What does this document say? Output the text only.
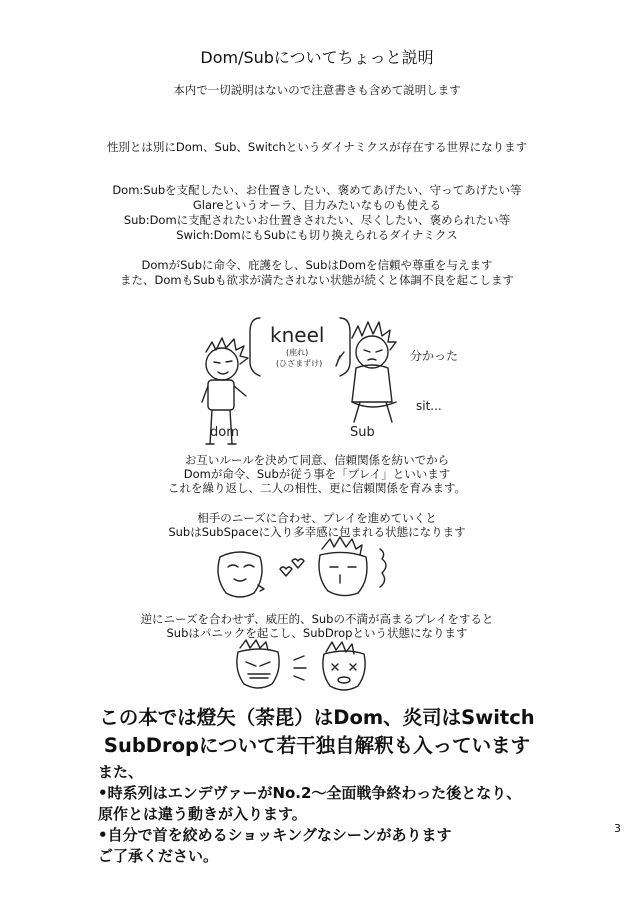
Dom/Subについてちょっと説明
本内で一切説明はないので注意書きも含めて説明します
性別とは別にDom、Sub、Switchというダイナミクスが存在する世界になります
Dom:Subを支配したい、お仕置きしたい、褒めてあげたい、守ってあげたい等
Glareというオーラ、目力みたいなものも使える
Sub:Domに支配されたいお仕置きされたい、尽くしたい、褒められたい等
Swich:DomにもSubにも切り換えられるダイナミクス
DomがSubに命令、庇護をし、SubはDomを信頼や尊重を与えます
また、DomもSubも欲求が満たされない状態が続くと体調不良を起こします
kneel
(座れ)
(ひざまずけ)
分かった
sit...
dom	Sub
お互いルールを決めて同意、信頼関係を紡いでから
Domが命令、Subが従う事を「プレイ」といいます
これを繰り返し、二人の相性、更に信頼関係を育みます。
相手のニーズに合わせ、プレイを進めていくと
SubはSubSpaceに入り多幸感に包まれる状態になります
逆にニーズを合わせず、威圧的、Subの不満が高まるプレイをすると
Subはパニックを起こし、SubDropという状態になります
この本では燈矢（荼毘）はDom、炎司はSwitch
SubDropについて若干独自解釈も入っています
また、
•時系列はエンデヴァーがNo.2〜全面戦争終わった後となり、
原作とは違う動きが入ります。
•自分で首を絞めるショッキングなシーンがあります
ご了承ください。
3
